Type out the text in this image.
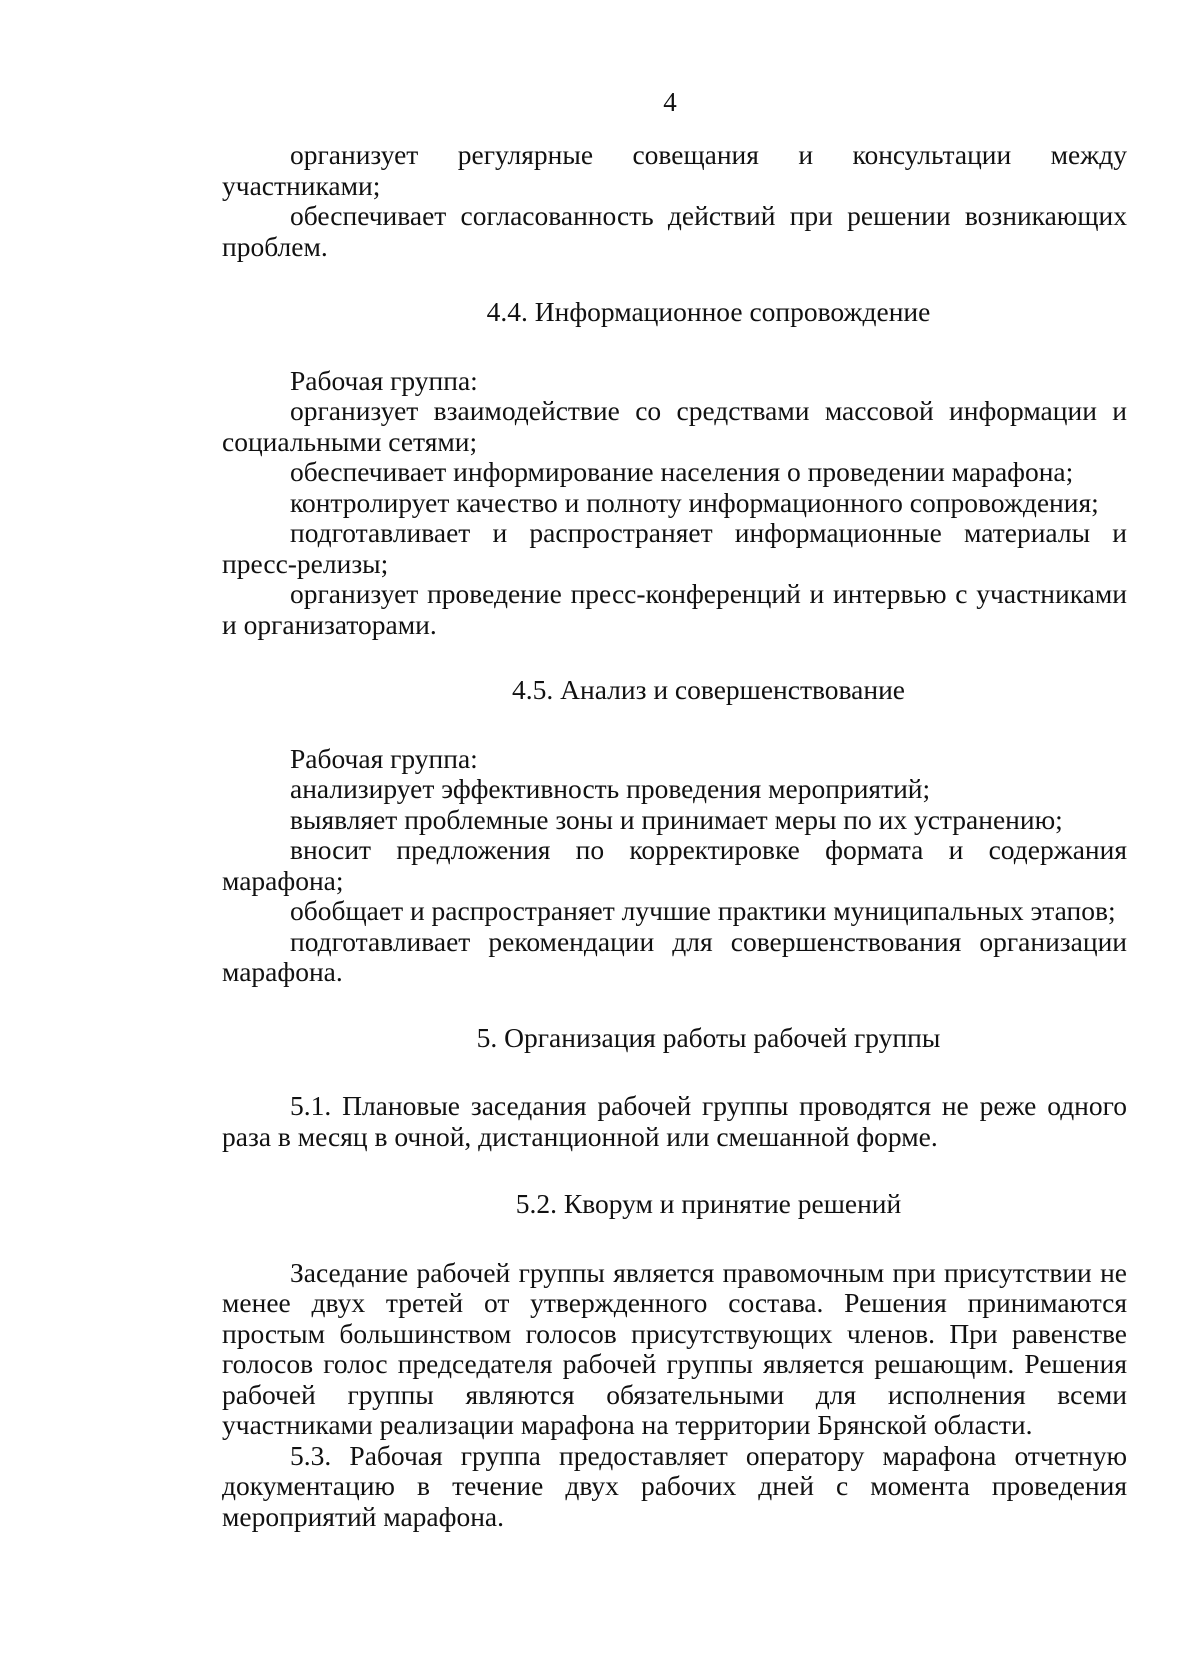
4

организует регулярные совещания и консультации между участниками;

обеспечивает согласованность действий при решении возникающих проблем.

4.4. Информационное сопровождение

Рабочая группа:

организует взаимодействие со средствами массовой информации и социальными сетями;

обеспечивает информирование населения о проведении марафона;

контролирует качество и полноту информационного сопровождения;

подготавливает и распространяет информационные материалы и пресс-релизы;

организует проведение пресс-конференций и интервью с участниками и организаторами.

4.5. Анализ и совершенствование

Рабочая группа:

анализирует эффективность проведения мероприятий;

выявляет проблемные зоны и принимает меры по их устранению;

вносит предложения по корректировке формата и содержания марафона;

обобщает и распространяет лучшие практики муниципальных этапов;

подготавливает рекомендации для совершенствования организации марафона.

5. Организация работы рабочей группы

5.1. Плановые заседания рабочей группы проводятся не реже одного раза в месяц в очной, дистанционной или смешанной форме.

5.2. Кворум и принятие решений

Заседание рабочей группы является правомочным при присутствии не менее двух третей от утвержденного состава. Решения принимаются простым большинством голосов присутствующих членов. При равенстве голосов голос председателя рабочей группы является решающим. Решения рабочей группы являются обязательными для исполнения всеми участниками реализации марафона на территории Брянской области.

5.3. Рабочая группа предоставляет оператору марафона отчетную документацию в течение двух рабочих дней с момента проведения мероприятий марафона.
